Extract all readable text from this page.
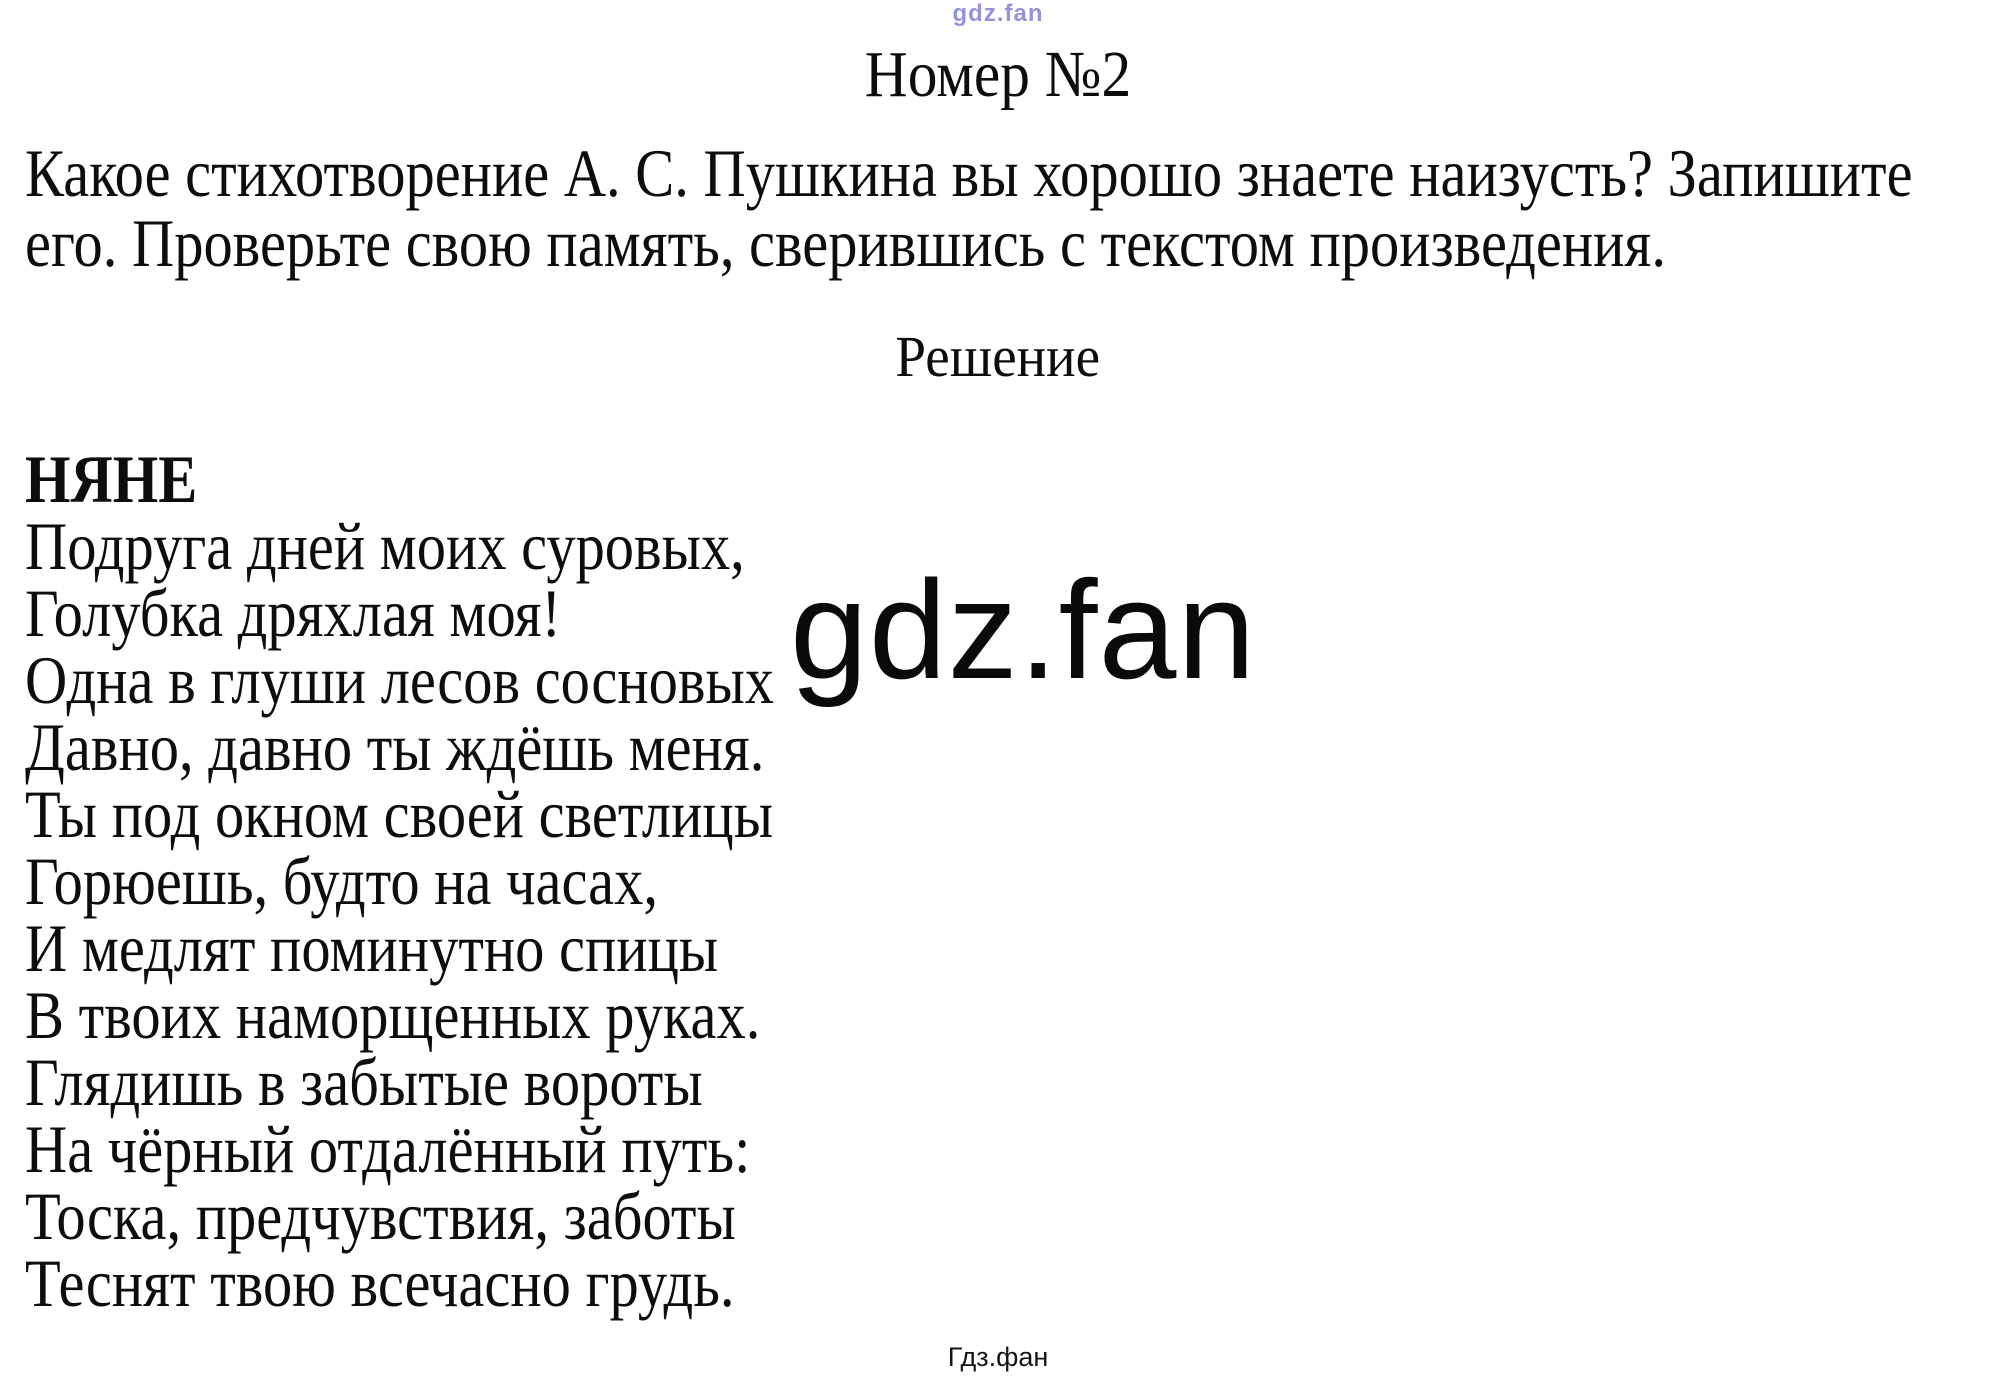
gdz.fan
Номер №2
Какое стихотворение А. С. Пушкина вы хорошо знаете наизусть? Запишите
его. Проверьте свою память, сверившись с текстом произведения.
Решение
НЯНЕ
Подруга дней моих суровых,
Голубка дряхлая моя!
Одна в глуши лесов сосновых
Давно, давно ты ждёшь меня.
Ты под окном своей светлицы
Горюешь, будто на часах,
И медлят поминутно спицы
В твоих наморщенных руках.
Глядишь в забытые вороты
На чёрный отдалённый путь:
Тоска, предчувствия, заботы
Теснят твою всечасно грудь.
gdz.fan
Гдз.фан
